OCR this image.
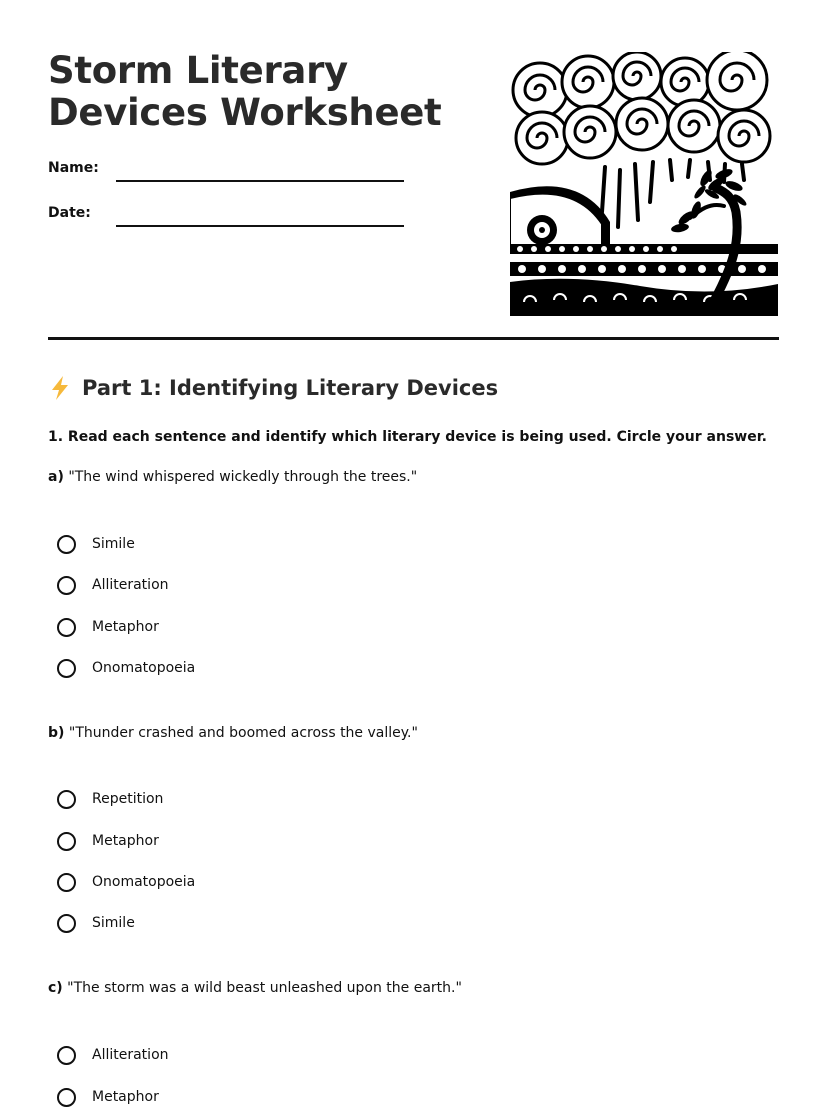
Storm Literary Devices Worksheet
Name:
Date:
Part 1: Identifying Literary Devices
1. Read each sentence and identify which literary device is being used. Circle your answer.
a) "The wind whispered wickedly through the trees."
Simile
Alliteration
Metaphor
Onomatopoeia
b) "Thunder crashed and boomed across the valley."
Repetition
Metaphor
Onomatopoeia
Simile
c) "The storm was a wild beast unleashed upon the earth."
Alliteration
Metaphor
